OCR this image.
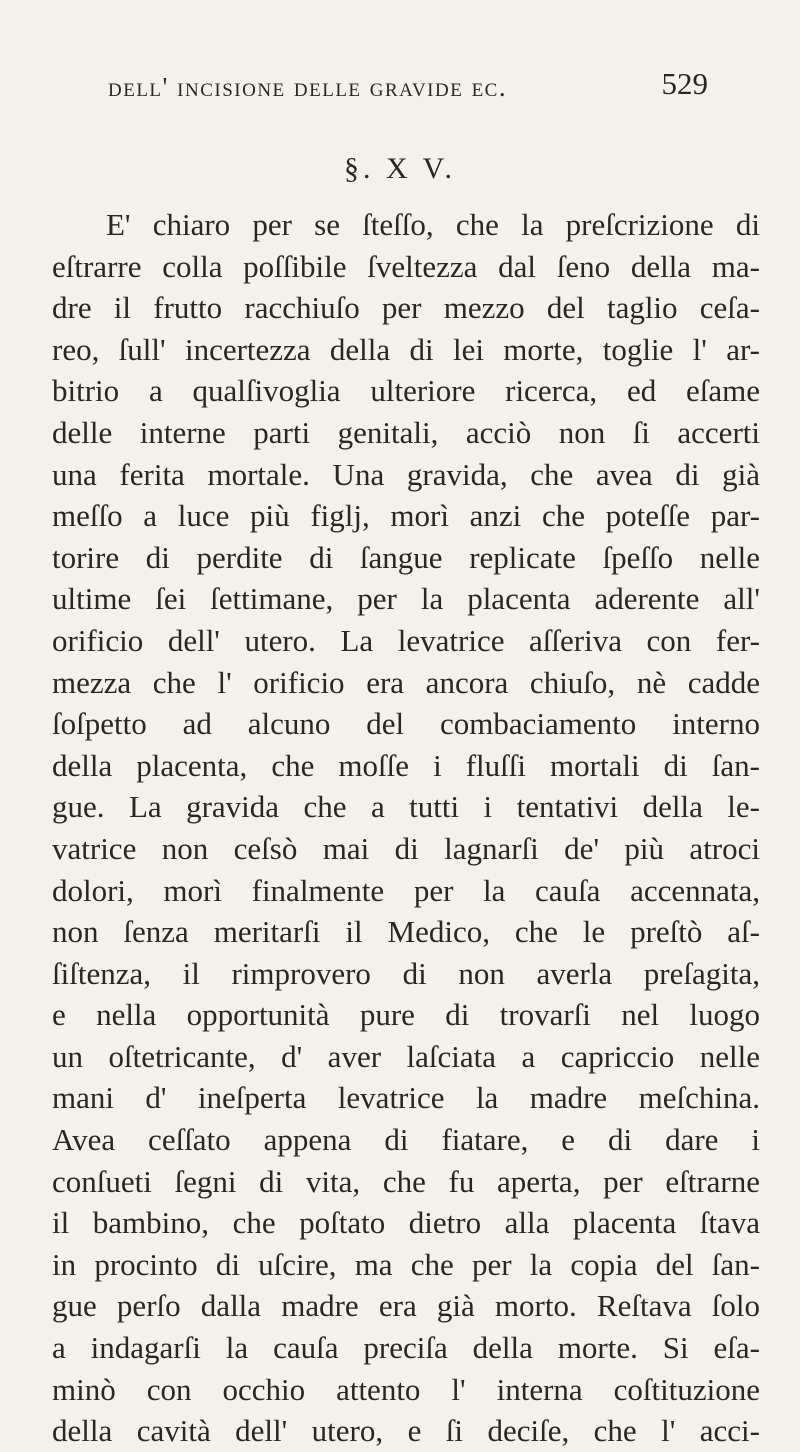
dell' incisione delle gravide ec.	529
§. X V.
E' chiaro per se ſteſſo, che la preſcrizione di
eſtrarre colla poſſibile ſveltezza dal ſeno della ma-
dre il frutto racchiuſo per mezzo del taglio ceſa-
reo, ſull' incertezza della di lei morte, toglie l' ar-
bitrio a qualſivoglia ulteriore ricerca, ed eſame
delle interne parti genitali, acciò non ſi accerti
una ferita mortale. Una gravida, che avea di già
meſſo a luce più figlj, morì anzi che poteſſe par-
torire di perdite di ſangue replicate ſpeſſo nelle
ultime ſei ſettimane, per la placenta aderente all'
orificio dell' utero. La levatrice aſſeriva con fer-
mezza che l' orificio era ancora chiuſo, nè cadde
ſoſpetto ad alcuno del combaciamento interno
della placenta, che moſſe i fluſſi mortali di ſan-
gue. La gravida che a tutti i tentativi della le-
vatrice non ceſsò mai di lagnarſi de' più atroci
dolori, morì finalmente per la cauſa accennata,
non ſenza meritarſi il Medico, che le preſtò aſ-
ſiſtenza, il rimprovero di non averla preſagita,
e nella opportunità pure di trovarſi nel luogo
un oſtetricante, d' aver laſciata a capriccio nelle
mani d' ineſperta levatrice la madre meſchina.
Avea ceſſato appena di fiatare, e di dare i
conſueti ſegni di vita, che fu aperta, per eſtrarne
il bambino, che poſtato dietro alla placenta ſtava
in procinto di uſcire, ma che per la copia del ſan-
gue perſo dalla madre era già morto. Reſtava ſolo
a indagarſi la cauſa preciſa della morte. Si eſa-
minò con occhio attento l' interna coſtituzione
della cavità dell' utero, e ſi deciſe, che l' acci-
